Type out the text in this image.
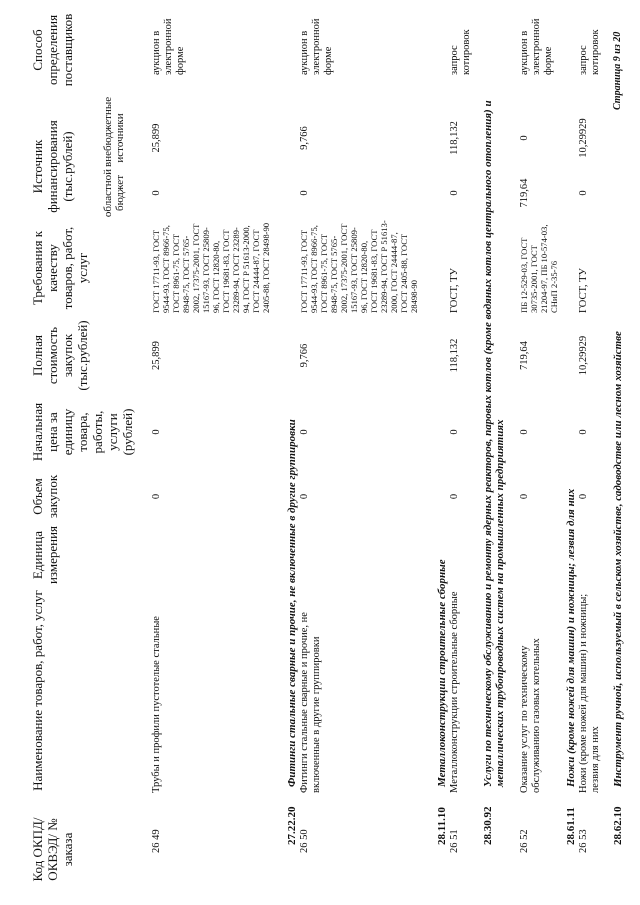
Код ОКПД/ ОКВЭД/ № заказа
Наименование товаров, работ, услуг
Единица измерения
Объем закупок
Начальная цена за единицу товара, работы, услуги (рублей)
Полная стоимость закупок (тыс.рублей)
Требования к качеству товаров, работ, услуг
Источник финансирования (тыс.рублей) областной бюджет
внебюджетные источники
Способ определения поставщиков
26 49
Трубы и профили пустотелые стальные
0
0
25,899
ГОСТ 17711-93, ГОСТ 9544-93, ГОСТ 8966-75, ГОСТ 8961-75, ГОСТ 8948-75, ГОСТ 5765-2002, 17375-2001, ГОСТ 15167-93, ГОСТ 25809-96, ГОСТ 12820-80, ГОСТ 19681-83, ГОСТ 23289-94, ГОСТ 23289-94, ГОСТ Р 51613-2000, ГОСТ 24444-87, ГОСТ 2405-88, ГОСТ 28498-90
0
25,899
аукцион в электронной форме
27.22.20
Фитинги стальные сварные и прочие, не включенные в другие группировки
26 50
Фитинги стальные сварные и прочие, не включенные в другие группировки
0
0
9,766
ГОСТ 17711-93, ГОСТ 9544-93, ГОСТ 8966-75, ГОСТ 8961-75, ГОСТ 8948-75, ГОСТ 5765-2002, 17375-2001, ГОСТ 15167-93, ГОСТ 25809-96, ГОСТ 12820-80, ГОСТ 19681-83, ГОСТ 23289-94, ГОСТ Р 51613-2000, ГОСТ 24444-87, ГОСТ 2405-88, ГОСТ 28498-90
0
9,766
аукцион в электронной форме
28.11.10
Металлоконструкции строительные сборные
26 51
Металлоконструкции строительные сборные
0
0
118,132
ГОСТ, ТУ
0
118,132
запрос котировок
28.30.92
Услуги по техническому обслуживанию и ремонту ядерных реакторов, паровых котлов (кроме водяных котлов центрального отопления) и металлических трубопроводных систем на промышленных предприятиях
26 52
Оказание услуг по техническому обслуживанию газовых котельных
0
0
719,64
ПБ 12-529-03, ГОСТ 30735-2001, ГОСТ 21204-97, ПБ 10-574-03, СНиП 2-35-76
719,64
0
аукцион в электронной форме
28.61.11
Ножи (кроме ножей для машин) и ножницы; лезвия для них
26 53
Ножи (кроме ножей для машин) и ножницы; лезвия для них
0
0
10,29929
ГОСТ, ТУ
0
10,29929
запрос котировок
28.62.10
Инструмент ручной, используемый в сельском хозяйстве, садоводстве или лесном хозяйстве
Страница 9 из 20
